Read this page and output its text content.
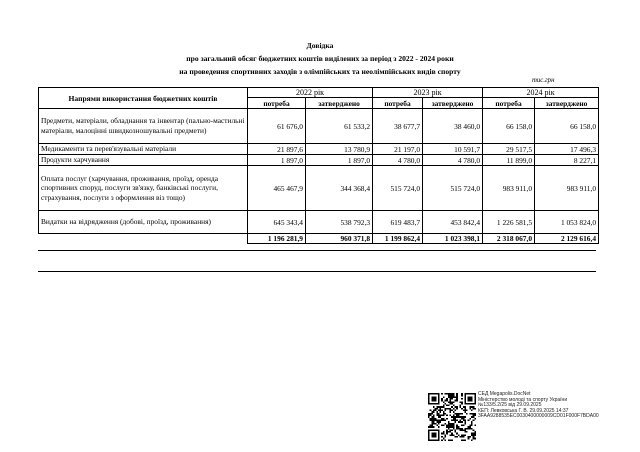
Довідка
про загальний обсяг бюджетних коштів виділених за період з 2022 - 2024 роки
на проведення спортивних заходів з олімпійських та неолімпійських видів спорту
тис.грн
Напрями використання бюджетних коштів	2022 рік		2023 рік		2024 рік	
	потреба	затверджено	потреба	затверджено	потреба	затверджено
Предмети, матеріали, обладнання та інвентар (пально-мастильні матеріали, малоцінні швидкозношувальні предмети)	61 676,0	61 533,2	38 677,7	38 460,0	66 158,0	66 158,0
Медикаменти та перев'язувальні матеріали	21 897,6	13 780,9	21 197,0	10 591,7	29 517,5	17 496,3
Продукти харчування	1 897,0	1 897,0	4 780,0	4 780,0	11 899,0	8 227,1
Оплата послуг (харчування, проживання, проїзд, оренда спортивних споруд, послуги зв'язку, банківські послуги, страхування, послуги з оформлення віз тощо)	465 467,9	344 368,4	515 724,0	515 724,0	983 911,0	983 911,0
Видатки на відрядження (добові, проїзд, проживання)	645 343,4	538 792,3	619 483,7	453 842,4	1 226 581,5	1 053 824,0
	1 196 281,9	960 371,8	1 199 862,4	1 023 398,1	2 318 067,0	2 129 616,4
СЕД Megapolis.DocNet
Міністерство молоді та спорту України
№133/5.2/25 від 29.09.2025
КЕП: Левковська Г. В. 29.09.2025 14:37
3FAA9288535EC0030400000009CD01F000F7BDA00
